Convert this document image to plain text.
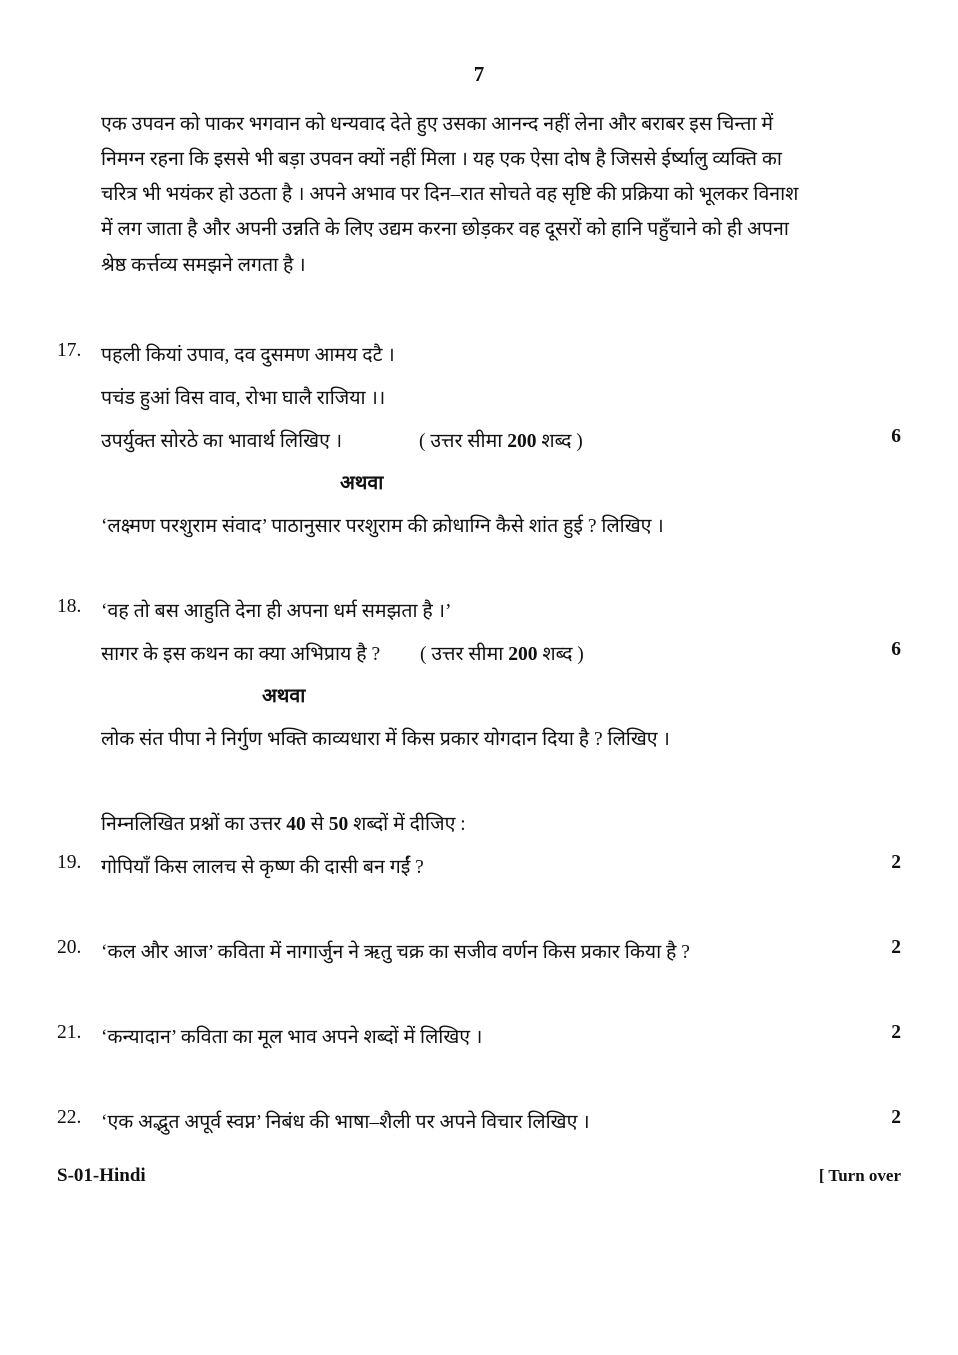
7
एक उपवन को पाकर भगवान को धन्यवाद देते हुए उसका आनन्द नहीं लेना और बराबर इस चिन्ता में
निमग्न रहना कि इससे भी बड़ा उपवन क्यों नहीं मिला । यह एक ऐसा दोष है जिससे ईर्ष्यालु व्यक्ति का
चरित्र भी भयंकर हो उठता है । अपने अभाव पर दिन–रात सोचते वह सृष्टि की प्रक्रिया को भूलकर विनाश
में लग जाता है और अपनी उन्नति के लिए उद्यम करना छोड़कर वह दूसरों को हानि पहुँचाने को ही अपना
श्रेष्ठ कर्त्तव्य समझने लगता है ।
17. पहली कियां उपाव, दव दुसमण आमय दटै ।
पचंड हुआं विस वाव, रोभा घालै राजिया ।।
उपर्युक्त सोरठे का भावार्थ लिखिए ।	( उत्तर सीमा 200 शब्द )	6
अथवा
‘लक्ष्मण परशुराम संवाद’ पाठानुसार परशुराम की क्रोधाग्नि कैसे शांत हुई ? लिखिए ।
18. ‘वह तो बस आहुति देना ही अपना धर्म समझता है ।’
सागर के इस कथन का क्या अभिप्राय है ? ( उत्तर सीमा 200 शब्द )	6
अथवा
लोक संत पीपा ने निर्गुण भक्ति काव्यधारा में किस प्रकार योगदान दिया है ? लिखिए ।
निम्नलिखित प्रश्नों का उत्तर 40 से 50 शब्दों में दीजिए :
19. गोपियाँ किस लालच से कृष्ण की दासी बन गईं ?	2
20. ‘कल और आज’ कविता में नागार्जुन ने ऋतु चक्र का सजीव वर्णन किस प्रकार किया है ?	2
21. ‘कन्यादान’ कविता का मूल भाव अपने शब्दों में लिखिए ।	2
22. ‘एक अद्भुत अपूर्व स्वप्न’ निबंध की भाषा–शैली पर अपने विचार लिखिए ।	2
S-01-Hindi	[ Turn over
